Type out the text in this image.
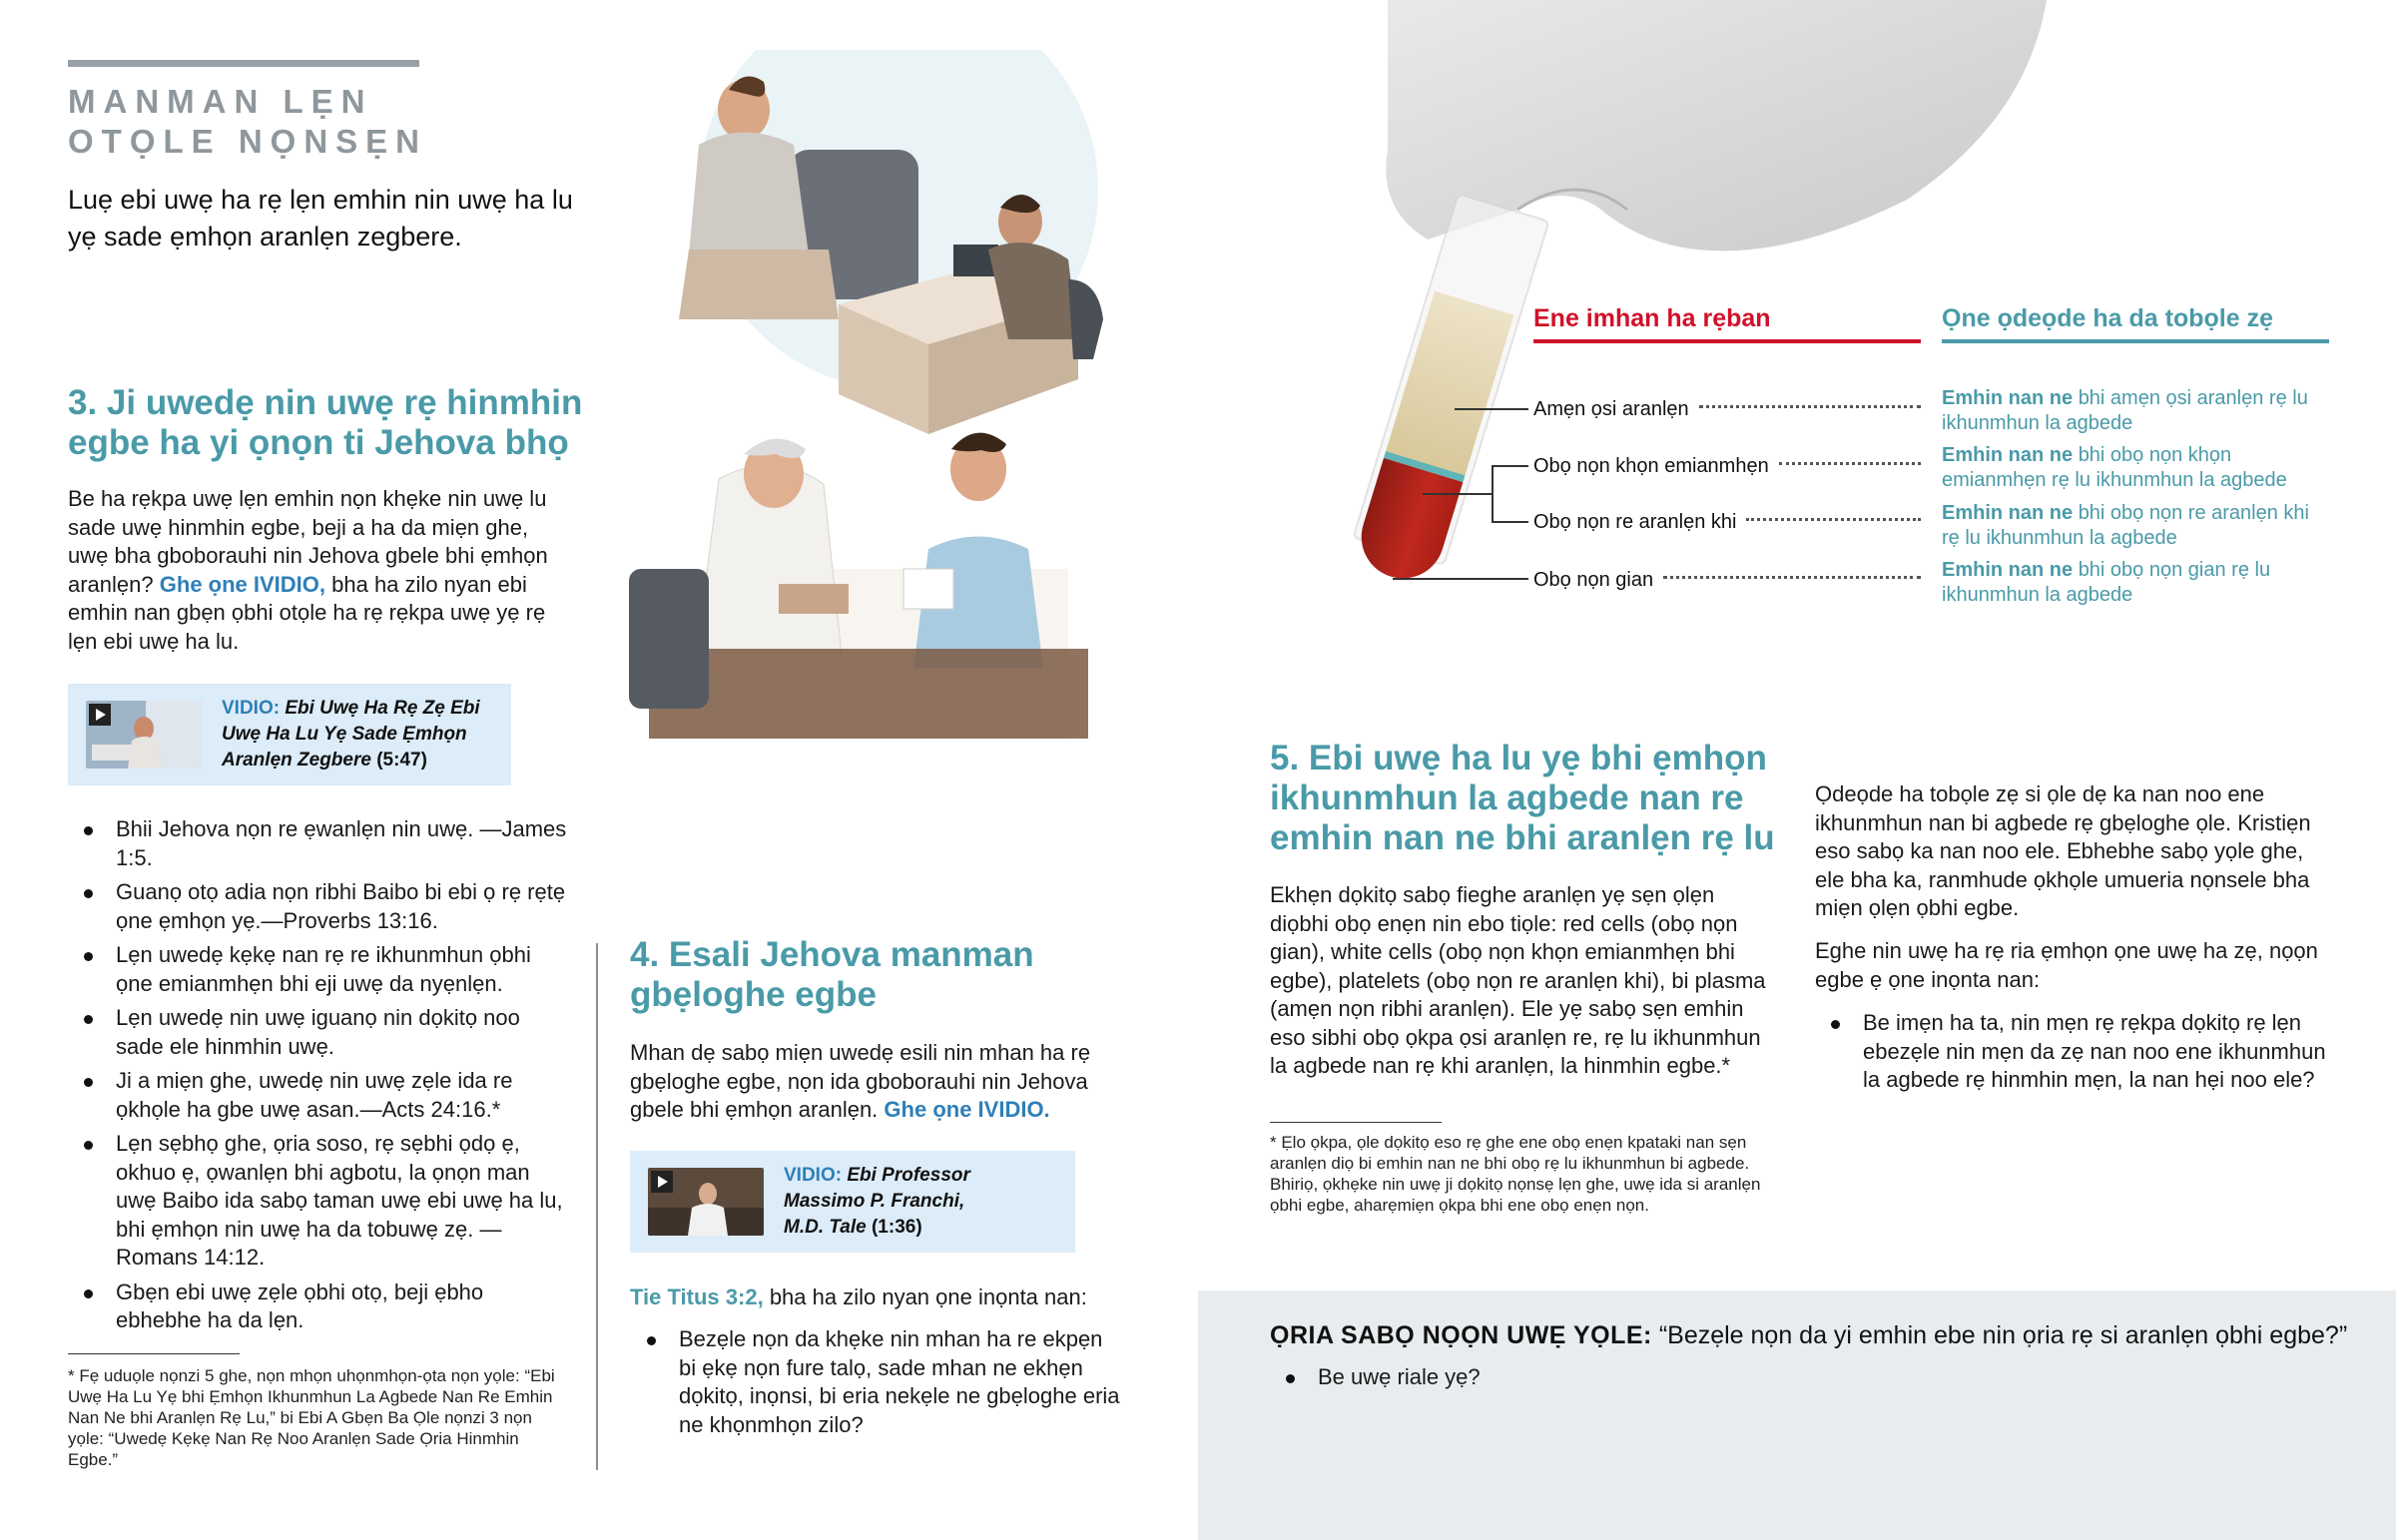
MANMAN LẸN
OTỌLE NỌNSẸN
Luẹ ebi uwẹ ha rẹ lẹn emhin nin uwẹ ha lu yẹ sade ẹmhọn aranlẹn zegbere.
3. Ji uwedẹ nin uwẹ rẹ hinmhin
egbe ha yi ọnọn ti Jehova bhọ

Be ha rẹkpa uwẹ lẹn emhin nọn khẹke nin uwẹ lu sade uwẹ hinmhin egbe, beji a ha da miẹn ghe, uwẹ bha gboborauhi nin Jehova gbele bhi ẹmhọn aranlẹn? Ghe ọne IVIDIO, bha ha zilo nyan ebi emhin nan gbẹn ọbhi otọle ha rẹ rẹkpa uwẹ yẹ rẹ lẹn ebi uwẹ ha lu.

VIDIO: Ebi Uwẹ Ha Rẹ Zẹ Ebi Uwẹ Ha Lu Yẹ Sade Ẹmhọn Aranlẹn Zegbere (5:47)
Bhii Jehova nọn re ẹwanlẹn nin uwẹ. —James 1:5.
Guanọ otọ adia nọn ribhi Baibo bi ebi ọ rẹ rẹtẹ ọne ẹmhọn yẹ.—Proverbs 13:16.
Lẹn uwedẹ kẹkẹ nan rẹ re ikhunmhun ọbhi ọne emianmhẹn bhi eji uwẹ da nyẹnlẹn.
Lẹn uwedẹ nin uwẹ iguanọ nin dọkitọ noo sade ele hinmhin uwẹ.
Ji a miẹn ghe, uwedẹ nin uwẹ zẹle ida re ọkhọle ha gbe uwẹ asan.—Acts 24:16.*
Lẹn sẹbhọ ghe, ọria soso, rẹ sẹbhi ọdọ ẹ, okhuo ẹ, ọwanlẹn bhi agbotu, la ọnọn man uwẹ Baibo ida sabọ taman uwẹ ebi uwẹ ha lu, bhi ẹmhọn nin uwẹ ha da tobuwẹ zẹ. —Romans 14:12.
Gbẹn ebi uwẹ zẹle ọbhi otọ, beji ẹbho ebhebhe ha da lẹn.

* Fẹ uduọle nọnzi 5 ghe, nọn mhọn uhọnmhọn-ọta nọn yọle: “Ebi Uwẹ Ha Lu Yẹ bhi Ẹmhọn Ikhunmhun La Agbede Nan Re Emhin Nan Ne bhi Aranlẹn Rẹ Lu,” bi Ebi A Gbẹn Ba Ọle nọnzi 3 nọn yọle: “Uwedẹ Kẹkẹ Nan Rẹ Noo Aranlẹn Sade Ọria Hinmhin Egbe.”

4. Esali Jehova manman
gbẹloghe egbe

Mhan dẹ sabọ miẹn uwedẹ esili nin mhan ha rẹ gbẹloghe egbe, nọn ida gboborauhi nin Jehova gbele bhi ẹmhọn aranlẹn. Ghe ọne IVIDIO.

VIDIO: Ebi Professor
Massimo P. Franchi,
M.D. Tale (1:36)

Tie Titus 3:2, bha ha zilo nyan ọne inọnta nan:

Bezẹle nọn da khẹke nin mhan ha re ekpẹn bi ẹkẹ nọn fure talọ, sade mhan ne ekhẹn dọkitọ, inọnsi, bi eria nekẹle ne gbẹloghe eria ne khọnmhọn zilo?
Ene imhan ha rẹban	Ọne ọdeọde ha da tobọle zẹ
Amẹn ọsi aranlẹn
Obọ nọn khọn emianmhẹn
Obọ nọn re aranlẹn khi
Obọ nọn gian
Emhin nan ne bhi amẹn ọsi aranlẹn rẹ lu ikhunmhun la agbede
Emhin nan ne bhi obọ nọn khọn emianmhẹn rẹ lu ikhunmhun la agbede
Emhin nan ne bhi obọ nọn re aranlẹn khi rẹ lu ikhunmhun la agbede
Emhin nan ne bhi obọ nọn gian rẹ lu ikhunmhun la agbede
5. Ebi uwẹ ha lu yẹ bhi ẹmhọn
ikhunmhun la agbede nan re
emhin nan ne bhi aranlẹn rẹ lu

Ekhẹn dọkitọ sabọ fieghe aranlẹn yẹ sẹn ọlẹn diọbhi obọ enẹn nin ebo tiọle: red cells (obọ nọn gian), white cells (obọ nọn khọn emianmhẹn bhi egbe), platelets (obọ nọn re aranlẹn khi), bi plasma (amẹn nọn ribhi aranlẹn). Ele yẹ sabọ sẹn emhin eso sibhi obọ ọkpa ọsi aranlẹn re, rẹ lu ikhunmhun la agbede nan rẹ khi aranlẹn, la hinmhin egbe.*

* Ẹlo ọkpa, ọle dọkitọ eso rẹ ghe ene obọ enẹn kpataki nan sẹn aranlẹn diọ bi emhin nan ne bhi obọ rẹ lu ikhunmhun bi agbede. Bhiriọ, ọkhẹke nin uwẹ ji dọkitọ nọnsẹ lẹn ghe, uwẹ ida si aranlẹn ọbhi egbe, aharẹmiẹn ọkpa bhi ene obọ enẹn nọn.

Ọdeọde ha tobọle zẹ si ọle dẹ ka nan noo ene ikhunmhun nan bi agbede rẹ gbẹloghe ọle. Kristiẹn eso sabọ ka nan noo ele. Ebhebhe sabọ yọle ghe, ele bha ka, ranmhude ọkhọle umueria nọnsele bha miẹn ọlẹn ọbhi egbe.

Eghe nin uwẹ ha rẹ ria ẹmhọn ọne uwẹ ha zẹ, nọọn egbe ẹ ọne inọnta nan:

Be imẹn ha ta, nin mẹn rẹ rẹkpa dọkitọ rẹ lẹn ebezẹle nin mẹn da zẹ nan noo ene ikhunmhun la agbede rẹ hinmhin mẹn, la nan hẹi noo ele?
ỌRIA SABỌ NỌỌN UWẸ YỌLE: “Bezẹle nọn da yi emhin ebe nin ọria rẹ si aranlẹn ọbhi egbe?”
Be uwẹ riale yẹ?
